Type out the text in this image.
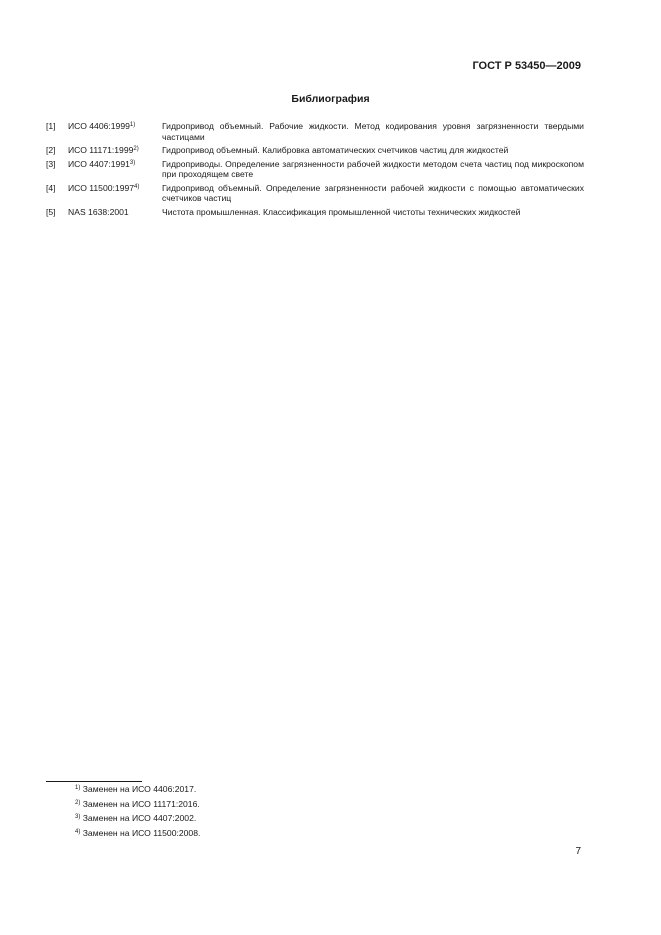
ГОСТ Р 53450—2009
Библиография
[1]	ИСО 4406:1999$^{1)}$	Гидропривод объемный. Рабочие жидкости. Метод кодирования уровня загрязненности твердыми частицами
[2]	ИСО 11171:1999$^{2)}$	Гидропривод объемный. Калибровка автоматических счетчиков частиц для жидкостей
[3]	ИСО 4407:1991$^{3)}$	Гидроприводы. Определение загрязненности рабочей жидкости методом счета частиц под микроскопом при проходящем свете
[4]	ИСО 11500:1997$^{4)}$	Гидропривод объемный. Определение загрязненности рабочей жидкости с помощью автоматических счетчиков частиц
[5]	NAS 1638:2001	Чистота промышленная. Классификация промышленной чистоты технических жидкостей
$^{1)}$ Заменен на ИСО 4406:2017.
$^{2)}$ Заменен на ИСО 11171:2016.
$^{3)}$ Заменен на ИСО 4407:2002.
$^{4)}$ Заменен на ИСО 11500:2008.
7
